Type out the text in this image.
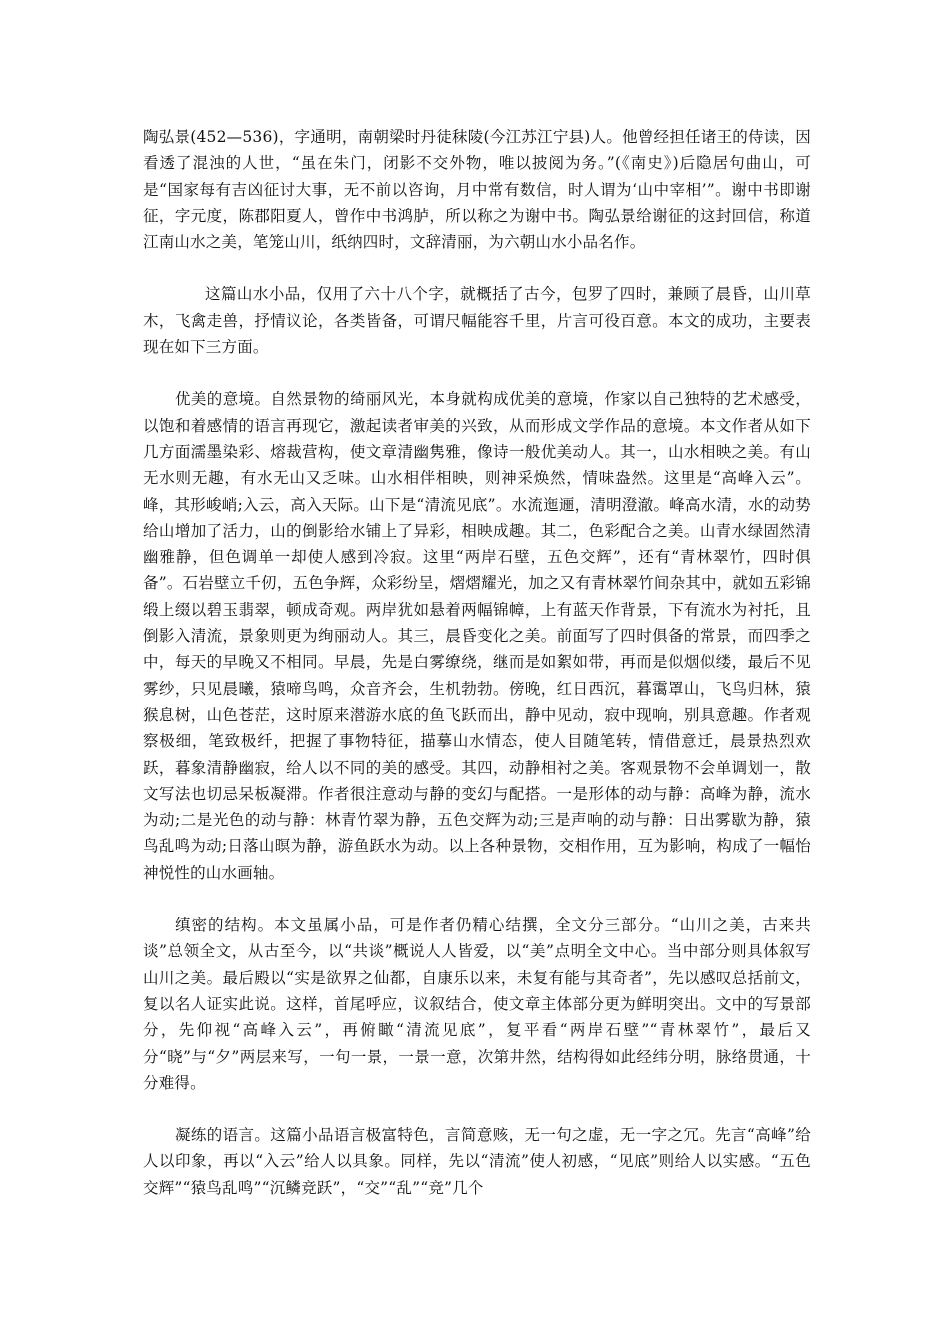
陶弘景(452—536)，字通明，南朝梁时丹徒秣陵(今江苏江宁县)人。他曾经担任诸王的侍读，因看透了混浊的人世，“虽在朱门，闭影不交外物，唯以披阅为务。”(《南史》)后隐居句曲山，可是“国家每有吉凶征讨大事，无不前以咨询，月中常有数信，时人谓为‘山中宰相’”。谢中书即谢征，字元度，陈郡阳夏人，曾作中书鸿胪，所以称之为谢中书。陶弘景给谢征的这封回信，称道江南山水之美，笔笼山川，纸纳四时，文辞清丽，为六朝山水小品名作。

这篇山水小品，仅用了六十八个字，就概括了古今，包罗了四时，兼顾了晨昏，山川草木，飞禽走兽，抒情议论，各类皆备，可谓尺幅能容千里，片言可役百意。本文的成功，主要表现在如下三方面。

优美的意境。自然景物的绮丽风光，本身就构成优美的意境，作家以自己独特的艺术感受，以饱和着感情的语言再现它，激起读者审美的兴致，从而形成文学作品的意境。本文作者从如下几方面濡墨染彩、熔裁营构，使文章清幽隽雅，像诗一般优美动人。其一，山水相映之美。有山无水则无趣，有水无山又乏味。山水相伴相映，则神采焕然，情味盎然。这里是“高峰入云”。峰，其形峻峭;入云，高入天际。山下是“清流见底”。水流迤逦，清明澄澈。峰高水清，水的动势给山增加了活力，山的倒影给水铺上了异彩，相映成趣。其二，色彩配合之美。山青水绿固然清幽雅静，但色调单一却使人感到冷寂。这里“两岸石壁，五色交辉”，还有“青林翠竹，四时俱备”。石岩壁立千仞，五色争辉，众彩纷呈，熠熠耀光，加之又有青林翠竹间杂其中，就如五彩锦缎上缀以碧玉翡翠，顿成奇观。两岸犹如悬着两幅锦幛，上有蓝天作背景，下有流水为衬托，且倒影入清流，景象则更为绚丽动人。其三，晨昏变化之美。前面写了四时俱备的常景，而四季之中，每天的早晚又不相同。早晨，先是白雾缭绕，继而是如絮如带，再而是似烟似缕，最后不见雾纱，只见晨曦，猿啼鸟鸣，众音齐会，生机勃勃。傍晚，红日西沉，暮霭罩山，飞鸟归林，猿猴息树，山色苍茫，这时原来潜游水底的鱼飞跃而出，静中见动，寂中现响，别具意趣。作者观察极细，笔致极纤，把握了事物特征，描摹山水情态，使人目随笔转，情借意迁，晨景热烈欢跃，暮象清静幽寂，给人以不同的美的感受。其四，动静相衬之美。客观景物不会单调划一，散文写法也切忌呆板凝滞。作者很注意动与静的变幻与配搭。一是形体的动与静：高峰为静，流水为动;二是光色的动与静：林青竹翠为静，五色交辉为动;三是声响的动与静：日出雾歇为静，猿鸟乱鸣为动;日落山暝为静，游鱼跃水为动。以上各种景物，交相作用，互为影响，构成了一幅怡神悦性的山水画轴。

缜密的结构。本文虽属小品，可是作者仍精心结撰，全文分三部分。“山川之美，古来共谈”总领全文，从古至今，以“共谈”概说人人皆爱，以“美”点明全文中心。当中部分则具体叙写山川之美。最后殿以“实是欲界之仙都，自康乐以来，未复有能与其奇者”，先以感叹总括前文，复以名人证实此说。这样，首尾呼应，议叙结合，使文章主体部分更为鲜明突出。文中的写景部分，先仰视“高峰入云”，再俯瞰“清流见底”，复平看“两岸石壁”“青林翠竹”，最后又分“晓”与“夕”两层来写，一句一景，一景一意，次第井然，结构得如此经纬分明，脉络贯通，十分难得。

凝练的语言。这篇小品语言极富特色，言简意赅，无一句之虚，无一字之冗。先言“高峰”给人以印象，再以“入云”给人以具象。同样，先以“清流”使人初感，“见底”则给人以实感。“五色交辉”“猿鸟乱鸣”“沉鳞竞跃”，“交”“乱”“竞”几个
